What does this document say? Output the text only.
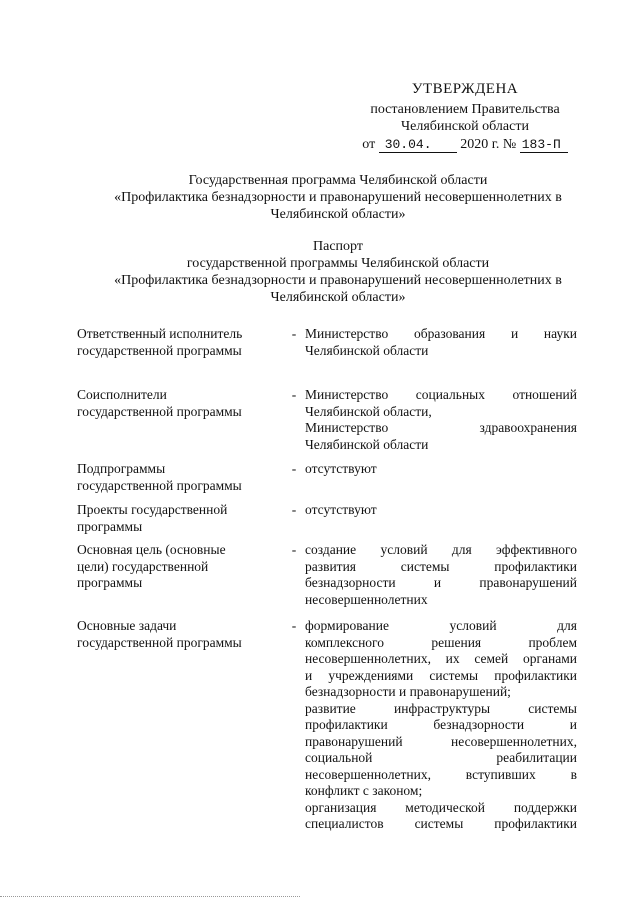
УТВЕРЖДЕНА
постановлением Правительства
Челябинской области
от 30.04. 2020 г. № 183-П
Государственная программа Челябинской области
«Профилактика безнадзорности и правонарушений несовершеннолетних в
Челябинской области»
Паспорт
государственной программы Челябинской области
«Профилактика безнадзорности и правонарушений несовершеннолетних в
Челябинской области»
Ответственный исполнитель
государственной программы
- Министерство образования и науки
Челябинской области
Соисполнители
государственной программы
- Министерство социальных отношений
Челябинской области,
Министерство здравоохранения
Челябинской области
Подпрограммы
государственной программы
- отсутствуют
Проекты государственной
программы
- отсутствуют
Основная цель (основные
цели) государственной
программы
- создание условий для эффективного
развития системы профилактики
безнадзорности и правонарушений
несовершеннолетних
Основные задачи
государственной программы
- формирование условий для
комплексного решения проблем
несовершеннолетних, их семей органами
и учреждениями системы профилактики
безнадзорности и правонарушений;
развитие инфраструктуры системы
профилактики безнадзорности и
правонарушений несовершеннолетних,
социальной реабилитации
несовершеннолетних, вступивших в
конфликт с законом;
организация методической поддержки
специалистов системы профилактики
